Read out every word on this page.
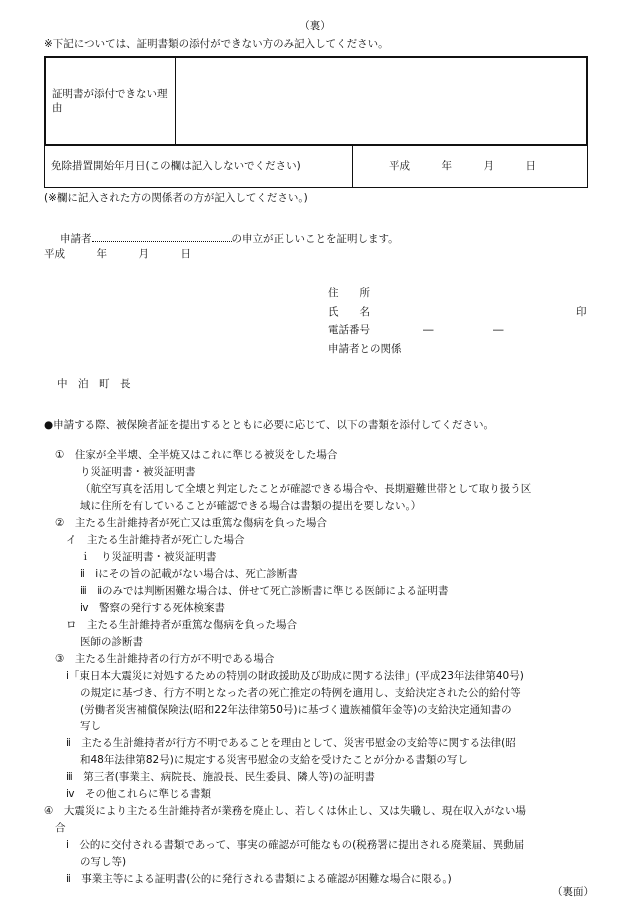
（裏）
※下記については、証明書類の添付ができない方のみ記入してください。
証明書が添付できない理由
免除措置開始年月日(この欄は記入しないでください)	平成　　　年　　　月　　　日
(※欄に記入された方の関係者の方が記入してください。)
申請者	の申立が正しいことを証明します。
平成　　　年　　　月　　　日
住　　所
氏　　名	印
電話番号	―	―
申請者との関係
中　泊　町　長
●申請する際、被保険者証を提出するとともに必要に応じて、以下の書類を添付してください。
①　住家が全半壊、全半焼又はこれに準じる被災をした場合
り災証明書・被災証明書
（航空写真を活用して全壊と判定したことが確認できる場合や、長期避難世帯として取り扱う区
域に住所を有していることが確認できる場合は書類の提出を要しない。）
②　主たる生計維持者が死亡又は重篤な傷病を負った場合
イ　主たる生計維持者が死亡した場合
ｉ　り災証明書・被災証明書
ⅱ　ⅰにその旨の記載がない場合は、死亡診断書
ⅲ　ⅱのみでは判断困難な場合は、併せて死亡診断書に準じる医師による証明書
ⅳ　警察の発行する死体検案書
ロ　主たる生計維持者が重篤な傷病を負った場合
医師の診断書
③　主たる生計維持者の行方が不明である場合
ⅰ「東日本大震災に対処するための特別の財政援助及び助成に関する法律」(平成23年法律第40号)
の規定に基づき、行方不明となった者の死亡推定の特例を適用し、支給決定された公的給付等
(労働者災害補償保険法(昭和22年法律第50号)に基づく遺族補償年金等)の支給決定通知書の
写し
ⅱ　主たる生計維持者が行方不明であることを理由として、災害弔慰金の支給等に関する法律(昭
和48年法律第82号)に規定する災害弔慰金の支給を受けたことが分かる書類の写し
ⅲ　第三者(事業主、病院長、施設長、民生委員、隣人等)の証明書
ⅳ　その他これらに準じる書類
④　大震災により主たる生計維持者が業務を廃止し、若しくは休止し、又は失職し、現在収入がない場
合
ⅰ　公的に交付される書類であって、事実の確認が可能なもの(税務署に提出される廃業届、異動届
の写し等)
ⅱ　事業主等による証明書(公的に発行される書類による確認が困難な場合に限る。)
（裏面）
